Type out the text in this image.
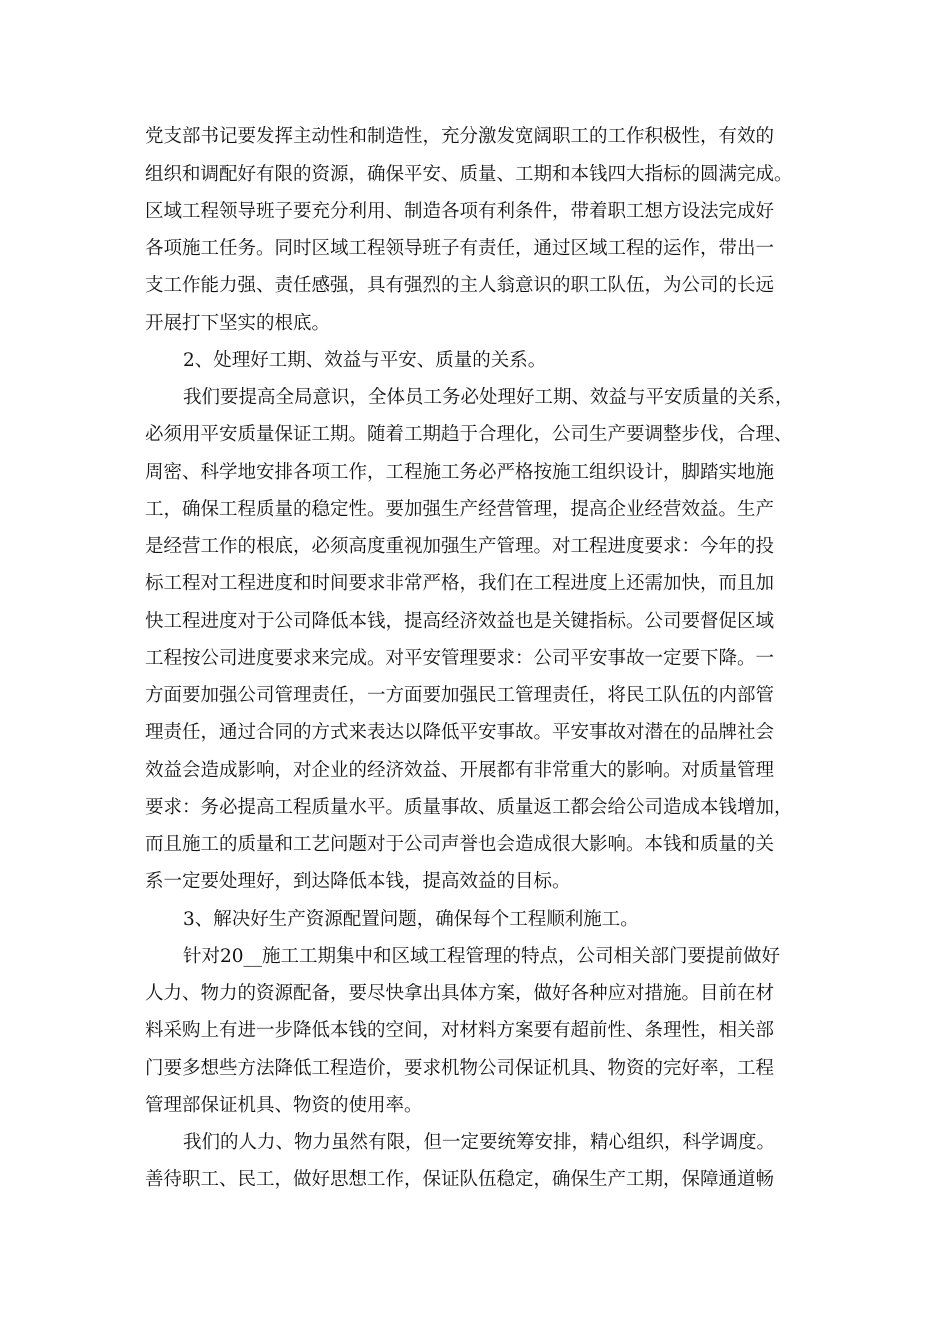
党支部书记要发挥主动性和制造性，充分激发宽阔职工的工作积极性，有效的
组织和调配好有限的资源，确保平安、质量、工期和本钱四大指标的圆满完成。
区域工程领导班子要充分利用、制造各项有利条件，带着职工想方设法完成好
各项施工任务。同时区域工程领导班子有责任，通过区域工程的运作，带出一
支工作能力强、责任感强，具有强烈的主人翁意识的职工队伍，为公司的长远
开展打下坚实的根底。
2、处理好工期、效益与平安、质量的关系。
我们要提高全局意识，全体员工务必处理好工期、效益与平安质量的关系，
必须用平安质量保证工期。随着工期趋于合理化，公司生产要调整步伐，合理、
周密、科学地安排各项工作，工程施工务必严格按施工组织设计，脚踏实地施
工，确保工程质量的稳定性。要加强生产经营管理，提高企业经营效益。生产
是经营工作的根底，必须高度重视加强生产管理。对工程进度要求：今年的投
标工程对工程进度和时间要求非常严格，我们在工程进度上还需加快，而且加
快工程进度对于公司降低本钱，提高经济效益也是关键指标。公司要督促区域
工程按公司进度要求来完成。对平安管理要求：公司平安事故一定要下降。一
方面要加强公司管理责任，一方面要加强民工管理责任，将民工队伍的内部管
理责任，通过合同的方式来表达以降低平安事故。平安事故对潜在的品牌社会
效益会造成影响，对企业的经济效益、开展都有非常重大的影响。对质量管理
要求：务必提高工程质量水平。质量事故、质量返工都会给公司造成本钱增加，
而且施工的质量和工艺问题对于公司声誉也会造成很大影响。本钱和质量的关
系一定要处理好，到达降低本钱，提高效益的目标。
3、解决好生产资源配置问题，确保每个工程顺利施工。
针对20__施工工期集中和区域工程管理的特点，公司相关部门要提前做好
人力、物力的资源配备，要尽快拿出具体方案，做好各种应对措施。目前在材
料采购上有进一步降低本钱的空间，对材料方案要有超前性、条理性，相关部
门要多想些方法降低工程造价，要求机物公司保证机具、物资的完好率，工程
管理部保证机具、物资的使用率。
我们的人力、物力虽然有限，但一定要统筹安排，精心组织，科学调度。
善待职工、民工，做好思想工作，保证队伍稳定，确保生产工期，保障通道畅
